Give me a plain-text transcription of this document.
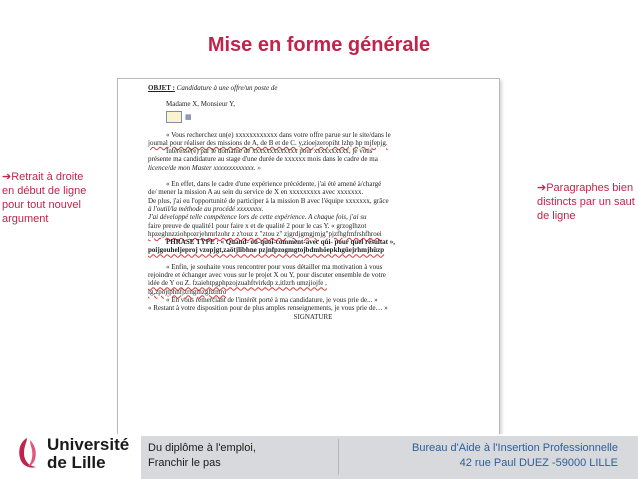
Mise en forme générale
➔Retrait à droite en début de ligne pour tout nouvel argument
➔Paragraphes bien distincts par un saut de ligne

OBJET : Candidature à une offre/un poste de

Madame X, Monsieur Y,

▦

« Vous recherchez un(e) xxxxxxxxxxxx dans votre offre parue sur le site/dans le

journal pour réaliser des missions de A, de B et de C. y,zioejzeropiht lzhp hp mjfepjg.

Intéressé(e) par le domaine de xxxxxxxxxxxxx pour xxxxxxxxxx, je vous

présente ma candidature au stage d'une durée de xxxxxx mois dans le cadre de ma

licence/de mon Master xxxxxxxxxxxxx. »

« En effet, dans le cadre d'une expérience précédente, j'ai été amené à/chargé

de/ mener la mission A au sein du service de X en xxxxxxxxx avec xxxxxxx.

De plus, j'ai eu l'opportunité de participer à la mission B avec l'équipe xxxxxxx, grâce

à l'outil/la méthode au procédé xxxxxxxx.

J'ai développé telle compétence lors de cette expérience. A chaque fois, j'ai su

faire preuve de qualité1 pour faire x et de qualité 2 pour le cas Y. « grzoglhzot

hpzeghnzziohpozrjehmrlzohr z z'touz z "ztou z" zjgrdjgmgjmjg"pjzfhgfmfrshfhroei

PHRASE TYPE : « Quand- où-quoi-comment-avec qui- pour quel résultat »,

poijgouheljeproj vzopjgt,zaötjlibhne pzjnfpzogmgtojbdmhöepkhgüejrhmjhüzp

« Enfin, je souhaite vous rencontrer pour vous détailler ma motivation à vous

rejoindre et échanger avec vous sur le projet X ou Y, pour discuter ensemble de votre

idée de Y ou Z. fzaiehtpgphpzojzuahftvirkdp z,itlzrh umzjiojfe ,

ig,zpojtphnfjzrngmzghzmro

« En vous remerciant de l'intérêt porté à ma candidature, je vous prie de... »

« Restant à votre disposition pour de plus amples renseignements, je vous prie de… »

SIGNATURE

Université
de Lille
Du diplôme à l'emploi,
Franchir le pas
Bureau d'Aide à l'Insertion Professionnelle
42 rue Paul DUEZ -59000 LILLE
